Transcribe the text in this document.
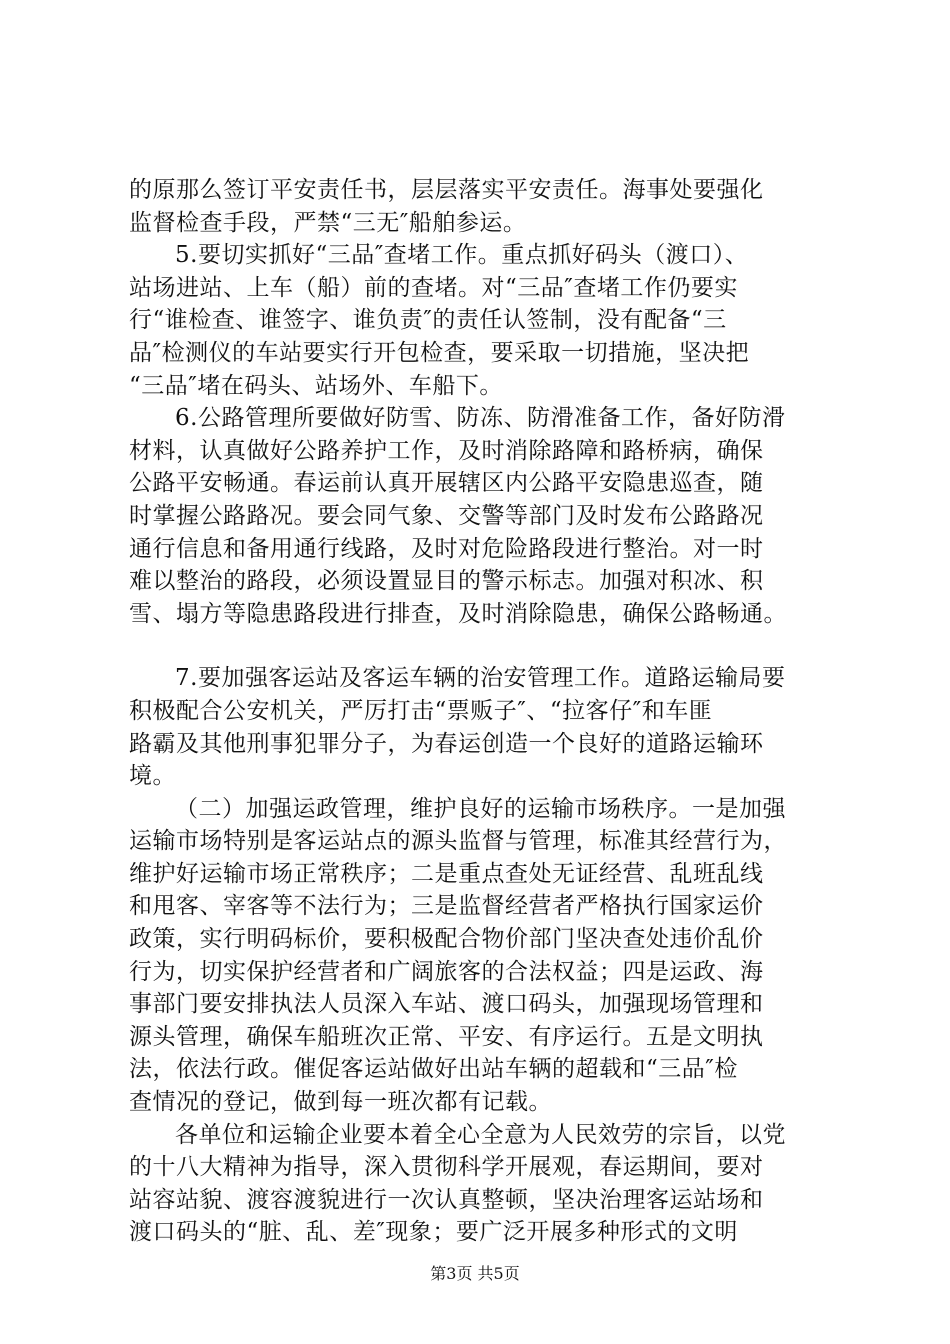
的原那么签订平安责任书，层层落实平安责任。海事处要强化
监督检查手段，严禁“三无″船舶参运。
5.要切实抓好“三品″查堵工作。重点抓好码头（渡口）、
站场进站、上车（船）前的查堵。对“三品″查堵工作仍要实
行“谁检查、谁签字、谁负责″的责任认签制，没有配备“三
品″检测仪的车站要实行开包检查，要采取一切措施，坚决把
“三品″堵在码头、站场外、车船下。
6.公路管理所要做好防雪、防冻、防滑准备工作，备好防滑
材料，认真做好公路养护工作，及时消除路障和路桥病，确保
公路平安畅通。春运前认真开展辖区内公路平安隐患巡查，随
时掌握公路路况。要会同气象、交警等部门及时发布公路路况
通行信息和备用通行线路，及时对危险路段进行整治。对一时
难以整治的路段，必须设置显目的警示标志。加强对积冰、积
雪、塌方等隐患路段进行排查，及时消除隐患，确保公路畅通。
7.要加强客运站及客运车辆的治安管理工作。道路运输局要
积极配合公安机关，严厉打击“票贩子″、“拉客仔″和车匪
路霸及其他刑事犯罪分子，为春运创造一个良好的道路运输环
境。
（二）加强运政管理，维护良好的运输市场秩序。一是加强
运输市场特别是客运站点的源头监督与管理，标准其经营行为，
维护好运输市场正常秩序；二是重点查处无证经营、乱班乱线
和甩客、宰客等不法行为；三是监督经营者严格执行国家运价
政策，实行明码标价，要积极配合物价部门坚决查处违价乱价
行为，切实保护经营者和广阔旅客的合法权益；四是运政、海
事部门要安排执法人员深入车站、渡口码头，加强现场管理和
源头管理，确保车船班次正常、平安、有序运行。五是文明执
法，依法行政。催促客运站做好出站车辆的超载和“三品″检
查情况的登记，做到每一班次都有记载。
各单位和运输企业要本着全心全意为人民效劳的宗旨，以党
的十八大精神为指导，深入贯彻科学开展观，春运期间，要对
站容站貌、渡容渡貌进行一次认真整顿，坚决治理客运站场和
渡口码头的“脏、乱、差″现象；要广泛开展多种形式的文明
第3页 共5页
